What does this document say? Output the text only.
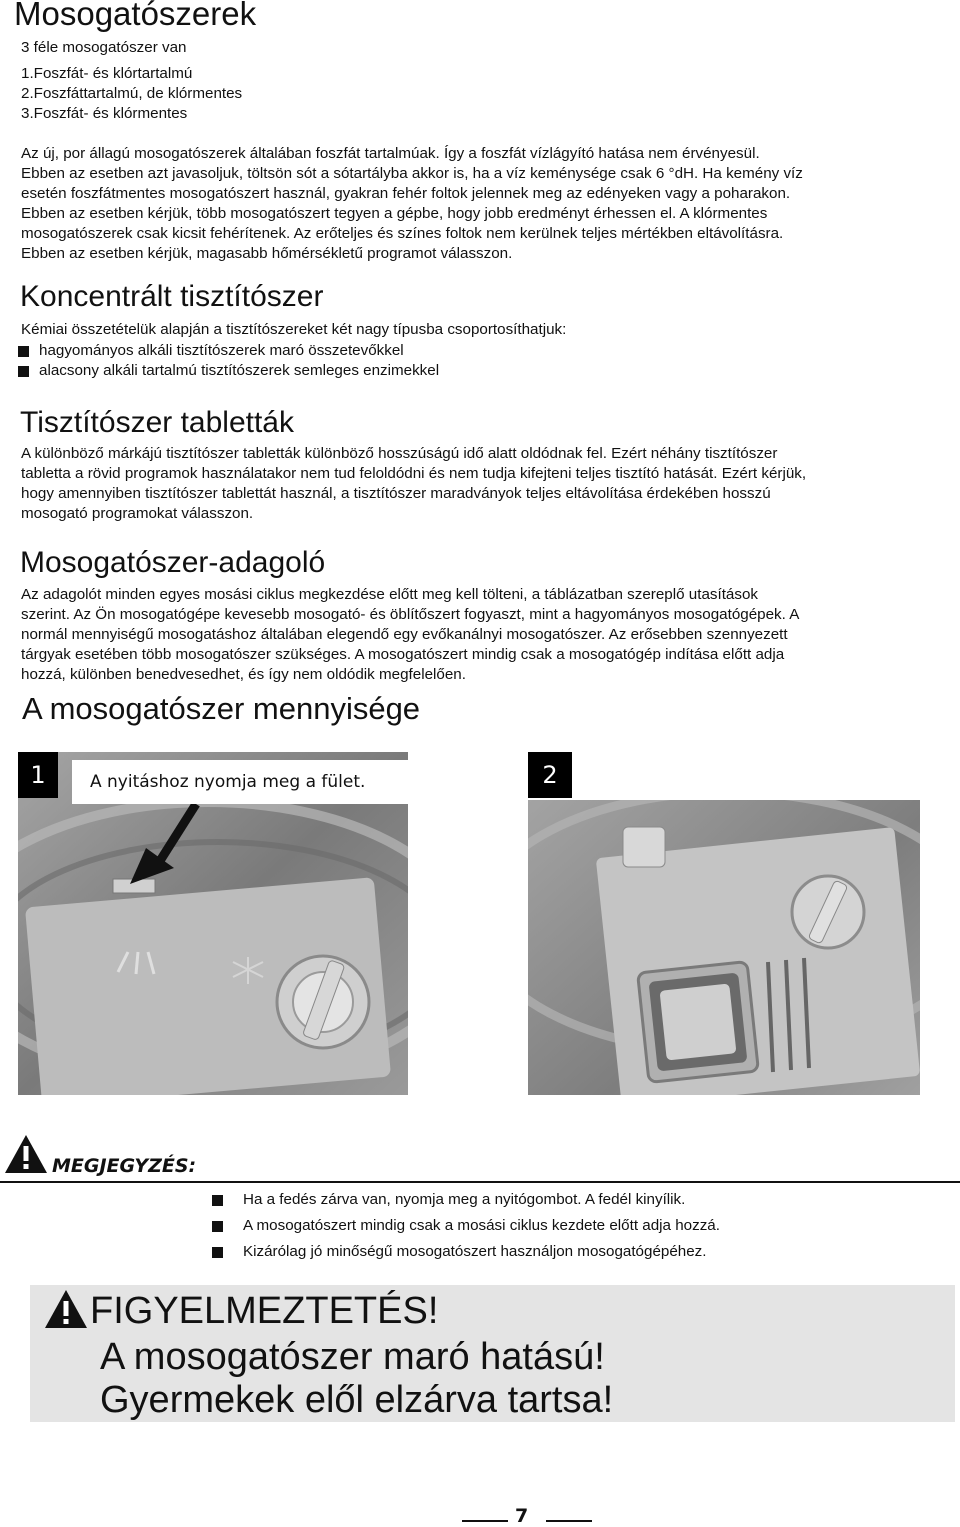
Mosogatószerek
3 féle mosogatószer van
1.Foszfát- és klórtartalmú
2.Foszfáttartalmú, de klórmentes
3.Foszfát- és klórmentes
Az új, por állagú mosogatószerek általában foszfát tartalmúak. Így a foszfát vízlágyító hatása nem érvényesül.
Ebben az esetben azt javasoljuk, töltsön sót a sótartályba akkor is, ha a víz keménysége csak 6 °dH. Ha kemény víz
esetén foszfátmentes mosogatószert használ, gyakran fehér foltok jelennek meg az edényeken vagy a poharakon.
Ebben az esetben kérjük, több mosogatószert tegyen a gépbe, hogy jobb eredményt érhessen el. A klórmentes
mosogatószerek csak kicsit fehérítenek. Az erőteljes és színes foltok nem kerülnek teljes mértékben eltávolításra.
Ebben az esetben kérjük, magasabb hőmérsékletű programot válasszon.
Koncentrált tisztítószer
Kémiai összetételük alapján a tisztítószereket két nagy típusba csoportosíthatjuk:
hagyományos alkáli tisztítószerek maró összetevőkkel
alacsony alkáli tartalmú tisztítószerek semleges enzimekkel
Tisztítószer tabletták
A különböző márkájú tisztítószer tabletták különböző hosszúságú idő alatt oldódnak fel. Ezért néhány tisztítószer
tabletta a rövid programok használatakor nem tud feloldódni és nem tudja kifejteni teljes tisztító hatását. Ezért kérjük,
hogy amennyiben tisztítószer tablettát használ, a tisztítószer maradványok teljes eltávolítása érdekében hosszú
mosogató programokat válasszon.
Mosogatószer-adagoló
Az adagolót minden egyes mosási ciklus megkezdése előtt meg kell tölteni, a táblázatban szereplő utasítások
szerint. Az Ön mosogatógépe kevesebb mosogató- és öblítőszert fogyaszt, mint a hagyományos mosogatógépek. A
normál mennyiségű mosogatáshoz általában elegendő egy evőkanálnyi mosogatószer. Az erősebben szennyezett
tárgyak esetében több mosogatószer szükséges. A mosogatószert mindig csak a mosogatógép indítása előtt adja
hozzá, különben benedvesedhet, és így nem oldódik megfelelően.
A mosogatószer mennyisége
1	A nyitáshoz nyomja meg a fület.	2
MEGJEGYZÉS:
Ha a fedés zárva van, nyomja meg a nyitógombot. A fedél kinyílik.
A mosogatószert mindig csak a mosási ciklus kezdete előtt adja hozzá.
Kizárólag jó minőségű mosogatószert használjon mosogatógépéhez.
FIGYELMEZTETÉS!
A mosogatószer maró hatású!
Gyermekek elől elzárva tartsa!
7
